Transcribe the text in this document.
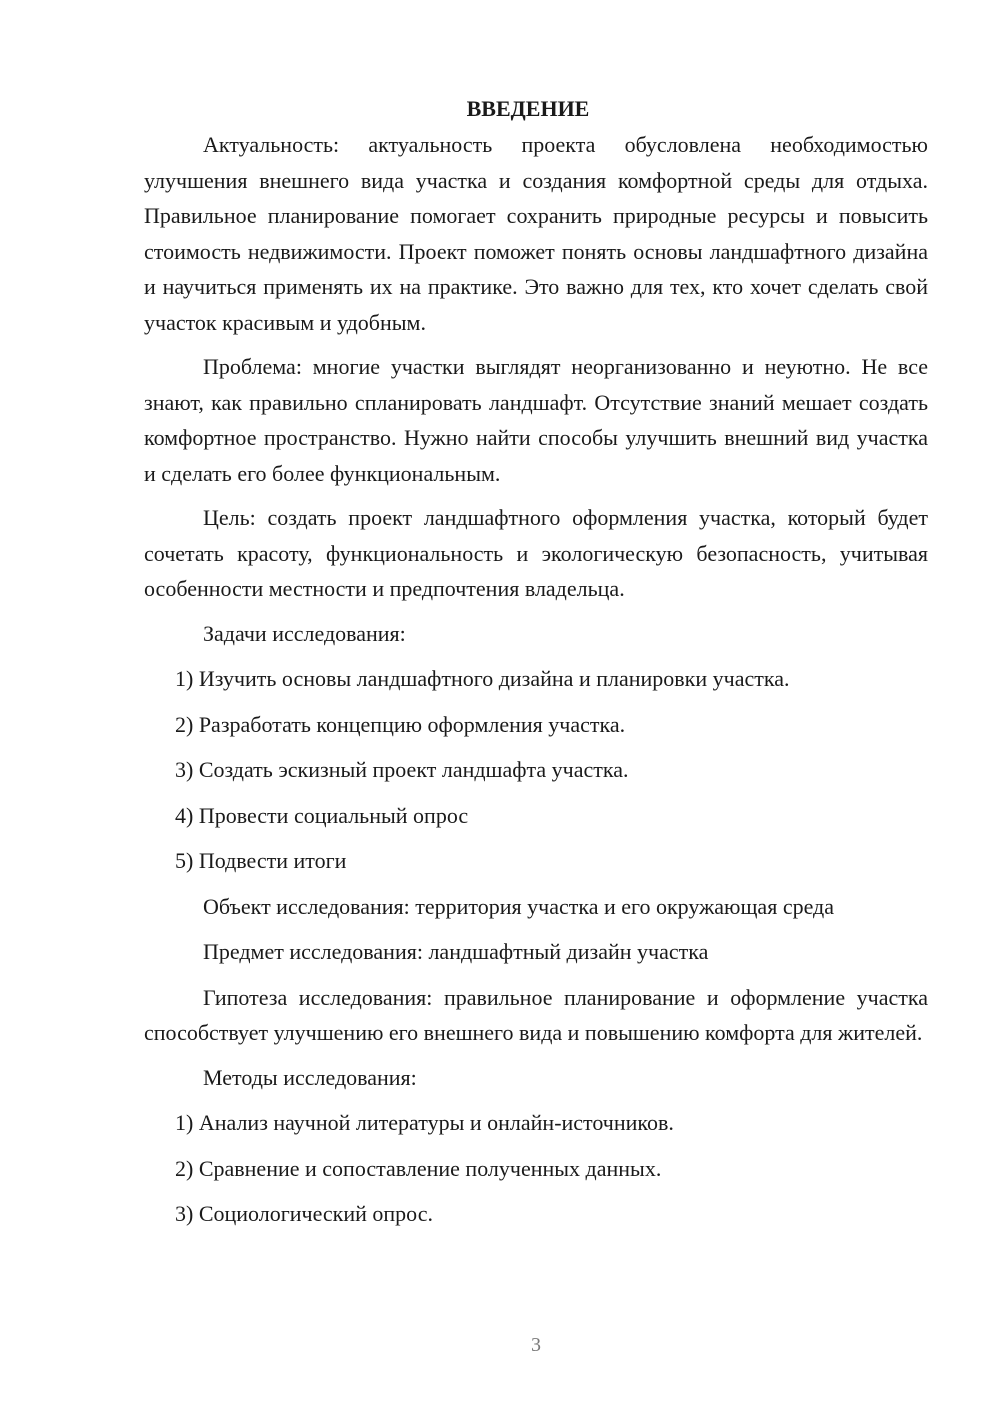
ВВЕДЕНИЕ

Актуальность: актуальность проекта обусловлена необходимостью улучшения внешнего вида участка и создания комфортной среды для отдыха. Правильное планирование помогает сохранить природные ресурсы и повысить стоимость недвижимости. Проект поможет понять основы ландшафтного дизайна и научиться применять их на практике. Это важно для тех, кто хочет сделать свой участок красивым и удобным.

Проблема: многие участки выглядят неорганизованно и неуютно. Не все знают, как правильно спланировать ландшафт. Отсутствие знаний мешает создать комфортное пространство. Нужно найти способы улучшить внешний вид участка и сделать его более функциональным.

Цель: создать проект ландшафтного оформления участка, который будет сочетать красоту, функциональность и экологическую безопасность, учитывая особенности местности и предпочтения владельца.

Задачи исследования:

1) Изучить основы ландшафтного дизайна и планировки участка.
2) Разработать концепцию оформления участка.
3) Создать эскизный проект ландшафта участка.
4) Провести социальный опрос
5) Подвести итоги

Объект исследования: территория участка и его окружающая среда

Предмет исследования: ландшафтный дизайн участка

Гипотеза исследования: правильное планирование и оформление участка способствует улучшению его внешнего вида и повышению комфорта для жителей.

Методы исследования:

1) Анализ научной литературы и онлайн-источников.
2) Сравнение и сопоставление полученных данных.
3) Социологический опрос.
3
